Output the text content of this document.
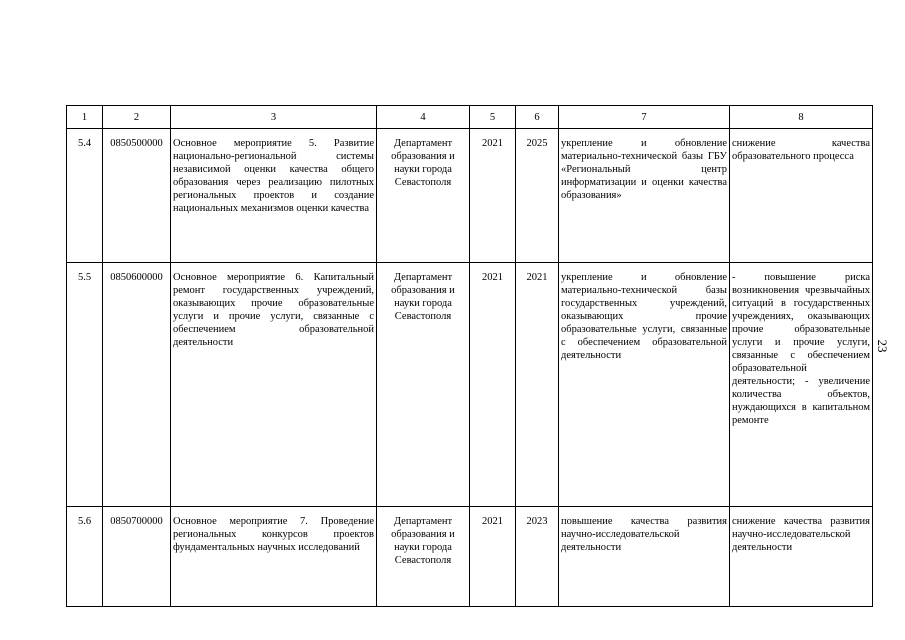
1	2	3	4	5	6	7	8
5.4	0850500000	Основное мероприятие 5. Развитие национально-региональной системы независимой оценки качества общего образования через реализацию пилотных региональных проектов и создание национальных механизмов оценки качества	Департамент образования и науки города Севастополя	2021	2025	укрепление и обновление материально-технической базы ГБУ «Региональный центр информатизации и оценки качества образования»	снижение качества образовательного процесса
5.5	0850600000	Основное мероприятие 6. Капитальный ремонт государственных учреждений, оказывающих прочие образовательные услуги и прочие услуги, связанные с обеспечением образовательной деятельности	Департамент образования и науки города Севастополя	2021	2021	укрепление и обновление материально-технической базы государственных учреждений, оказывающих прочие образовательные услуги, связанные с обеспечением образовательной деятельности	- повышение риска возникновения чрезвычайных ситуаций в государственных учреждениях, оказывающих прочие образовательные услуги и прочие услуги, связанные с обеспечением образовательной деятельности; - увеличение количества объектов, нуждающихся в капитальном ремонте
5.6	0850700000	Основное мероприятие 7. Проведение региональных конкурсов проектов фундаментальных научных исследований	Департамент образования и науки города Севастополя	2021	2023	повышение качества развития научно-исследовательской деятельности	снижение качества развития научно-исследовательской деятельности
23
